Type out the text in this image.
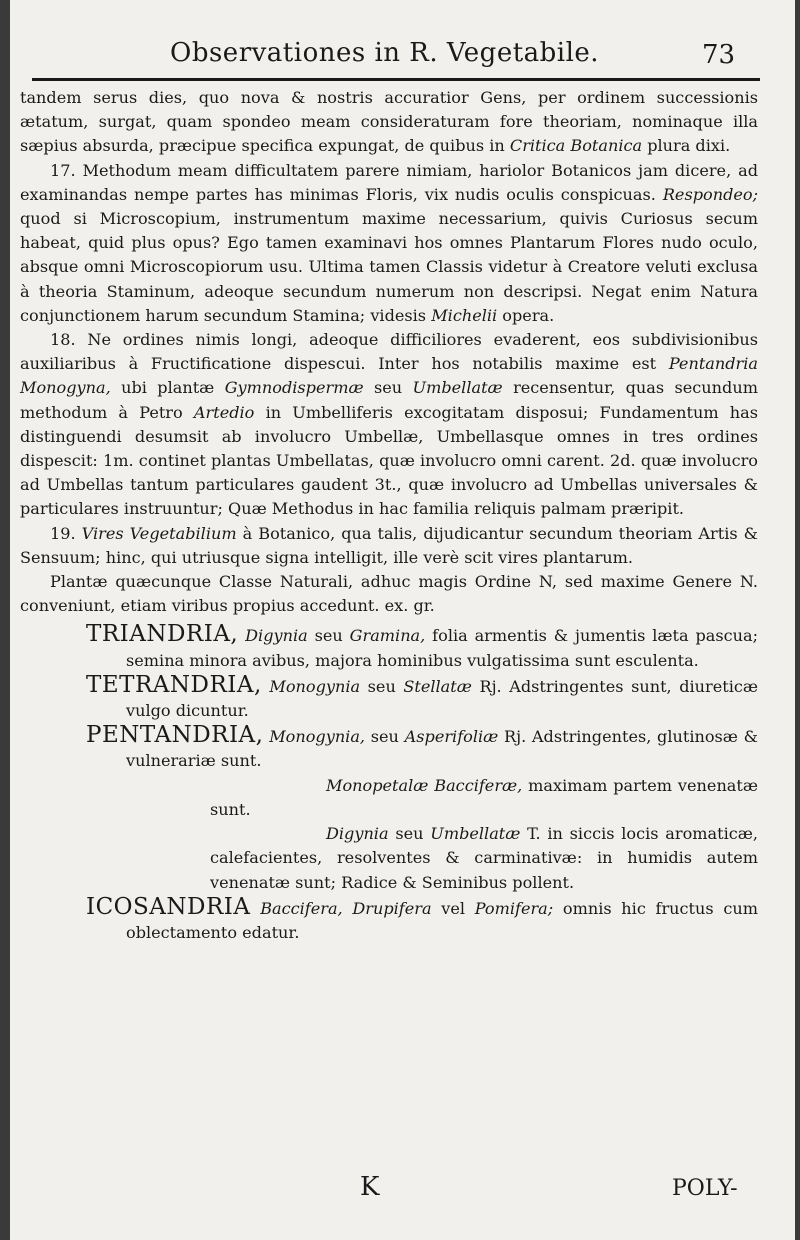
Observationes in R. Vegetabile.	73

tandem serus dies, quo nova & nostris accuratior Gens, per ordinem successionis ætatum, surgat, quam spondeo meam consideraturam fore theoriam, nominaque illa sæpius absurda, præcipue specifica expungat, de quibus in Critica Botanica plura dixi.

17. Methodum meam difficultatem parere nimiam, hariolor Botanicos jam dicere, ad examinandas nempe partes has minimas Floris, vix nudis oculis conspicuas. Respondeo; quod si Microscopium, instrumentum maxime necessarium, quivis Curiosus secum habeat, quid plus opus? Ego tamen examinavi hos omnes Plantarum Flores nudo oculo, absque omni Microscopiorum usu. Ultima tamen Classis videtur à Creatore veluti exclusa à theoria Staminum, adeoque secundum numerum non descripsi. Negat enim Natura conjunctionem harum secundum Stamina; videsis Michelii opera.

18. Ne ordines nimis longi, adeoque difficiliores evaderent, eos subdivisionibus auxiliaribus à Fructificatione dispescui. Inter hos notabilis maxime est Pentandria Monogyna, ubi plantæ Gymnodispermæ seu Umbellatæ recensentur, quas secundum methodum à Petro Artedio in Umbelliferis excogitatam disposui; Fundamentum has distinguendi desumsit ab involucro Umbellæ, Umbellasque omnes in tres ordines dispescit: 1m. continet plantas Umbellatas, quæ involucro omni carent. 2d. quæ involucro ad Umbellas tantum particulares gaudent 3t., quæ involucro ad Umbellas universales & particulares instruuntur; Quæ Methodus in hac familia reliquis palmam præripit.

19. Vires Vegetabilium à Botanico, qua talis, dijudicantur secundum theoriam Artis & Sensuum; hinc, qui utriusque signa intelligit, ille verè scit vires plantarum.

Plantæ quæcunque Classe Naturali, adhuc magis Ordine N, sed maxime Genere N. conveniunt, etiam viribus propius accedunt. ex. gr.

TRIANDRIA, Digynia seu Gramina, folia armentis & jumentis læta pascua; semina minora avibus, majora hominibus vulgatissima sunt esculenta.

TETRANDRIA, Monogynia seu Stellatæ Rj. Adstringentes sunt, diureticæ vulgo dicuntur.

PENTANDRIA, Monogynia, seu Asperifoliæ Rj. Adstringentes, glutinosæ & vulnerariæ sunt.

Monopetalæ Bacciferæ, maximam partem venenatæ sunt.

Digynia seu Umbellatæ T. in siccis locis aromaticæ, calefacientes, resolventes & carminativæ: in humidis autem venenatæ sunt; Radice & Seminibus pollent.

ICOSANDRIA Baccifera, Drupifera vel Pomifera; omnis hic fructus cum oblectamento edatur.

K	POLY-
